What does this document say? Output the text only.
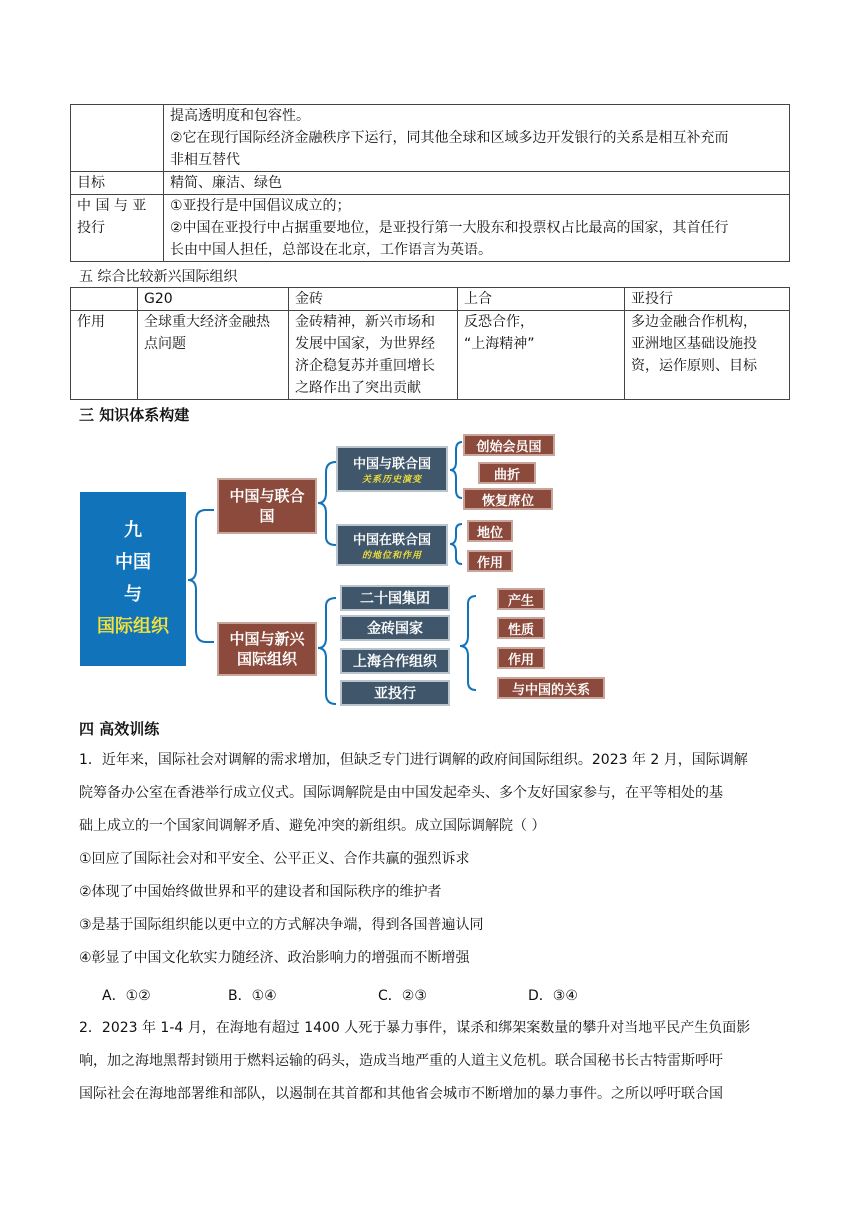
	提高透明度和包容性。
②它在现行国际经济金融秩序下运行，同其他全球和区域多边开发银行的关系是相互补充而
非相互替代

目标	精简、廉洁、绿色

中 国 与 亚
投行	①亚投行是中国倡议成立的；
②中国在亚投行中占据重要地位，是亚投行第一大股东和投票权占比最高的国家，其首任行
长由中国人担任，总部设在北京，工作语言为英语。
五 综合比较新兴国际组织
	G20	金砖	上合	亚投行
作用	全球重大经济金融热
点问题	金砖精神，新兴市场和
发展中国家，为世界经
济企稳复苏并重回增长
之路作出了突出贡献	反恐合作，
“上海精神”	多边金融合作机构，
亚洲地区基础设施投
资，运作原则、目标
三 知识体系构建
九
中国
与
国际组织
中国与联合国
中国与联合国
关系历史演变
中国在联合国
的地位和作用
创始会员国
曲折
恢复席位
地位
作用
中国与新兴国际组织
二十国集团
金砖国家
上海合作组织
亚投行
产生
性质
作用
与中国的关系
四 高效训练
1．近年来，国际社会对调解的需求增加，但缺乏专门进行调解的政府间国际组织。2023 年 2 月，国际调解
院筹备办公室在香港举行成立仪式。国际调解院是由中国发起牵头、多个友好国家参与，在平等相处的基
础上成立的一个国家间调解矛盾、避免冲突的新组织。成立国际调解院（ ）
①回应了国际社会对和平安全、公平正义、合作共赢的强烈诉求
②体现了中国始终做世界和平的建设者和国际秩序的维护者
③是基于国际组织能以更中立的方式解决争端，得到各国普遍认同
④彰显了中国文化软实力随经济、政治影响力的增强而不断增强
A．①②	B．①④	C．②③	D．③④
2．2023 年 1-4 月，在海地有超过 1400 人死于暴力事件，谋杀和绑架案数量的攀升对当地平民产生负面影
响，加之海地黑帮封锁用于燃料运输的码头，造成当地严重的人道主义危机。联合国秘书长古特雷斯呼吁
国际社会在海地部署维和部队，以遏制在其首都和其他省会城市不断增加的暴力事件。之所以呼吁联合国
